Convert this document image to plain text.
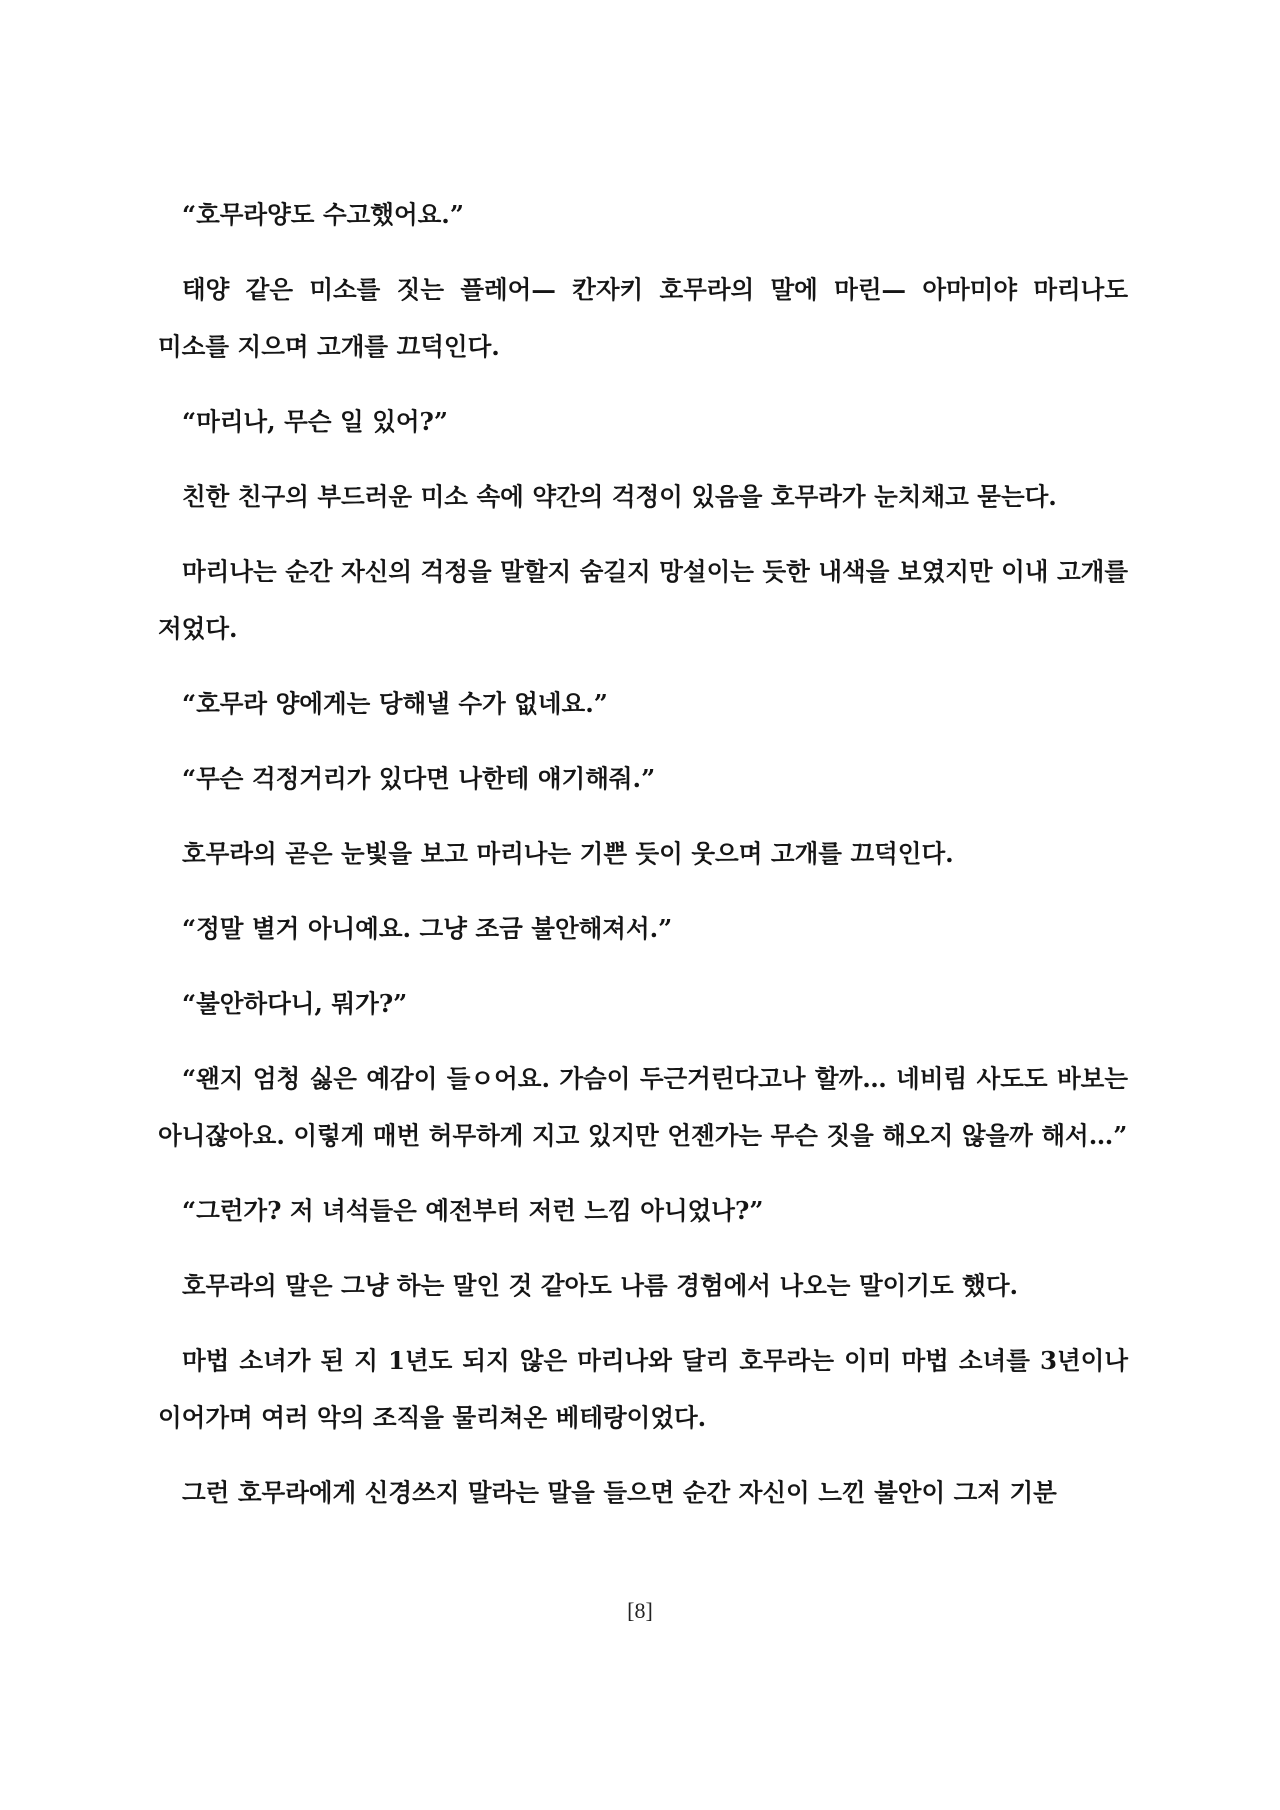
“호무라양도 수고했어요.”

태양 같은 미소를 짓는 플레어— 칸자키 호무라의 말에 마린— 아마미야 마리나도 미소를 지으며 고개를 끄덕인다.

“마리나, 무슨 일 있어?”

친한 친구의 부드러운 미소 속에 약간의 걱정이 있음을 호무라가 눈치채고 묻는다.

마리나는 순간 자신의 걱정을 말할지 숨길지 망설이는 듯한 내색을 보였지만 이내 고개를 저었다.

“호무라 양에게는 당해낼 수가 없네요.”

“무슨 걱정거리가 있다면 나한테 얘기해줘.”

호무라의 곧은 눈빛을 보고 마리나는 기쁜 듯이 웃으며 고개를 끄덕인다.

“정말 별거 아니예요. 그냥 조금 불안해져서.”

“불안하다니, 뭐가?”

“왠지 엄청 싫은 예감이 들ㅇ어요. 가슴이 두근거린다고나 할까… 네비림 사도도 바보는 아니잖아요. 이렇게 매번 허무하게 지고 있지만 언젠가는 무슨 짓을 해오지 않을까 해서…”

“그런가? 저 녀석들은 예전부터 저런 느낌 아니었나?”

호무라의 말은 그냥 하는 말인 것 같아도 나름 경험에서 나오는 말이기도 했다.

마법 소녀가 된 지 1년도 되지 않은 마리나와 달리 호무라는 이미 마법 소녀를 3년이나 이어가며 여러 악의 조직을 물리쳐온 베테랑이었다.

그런 호무라에게 신경쓰지 말라는 말을 들으면 순간 자신이 느낀 불안이 그저 기분

[8]
